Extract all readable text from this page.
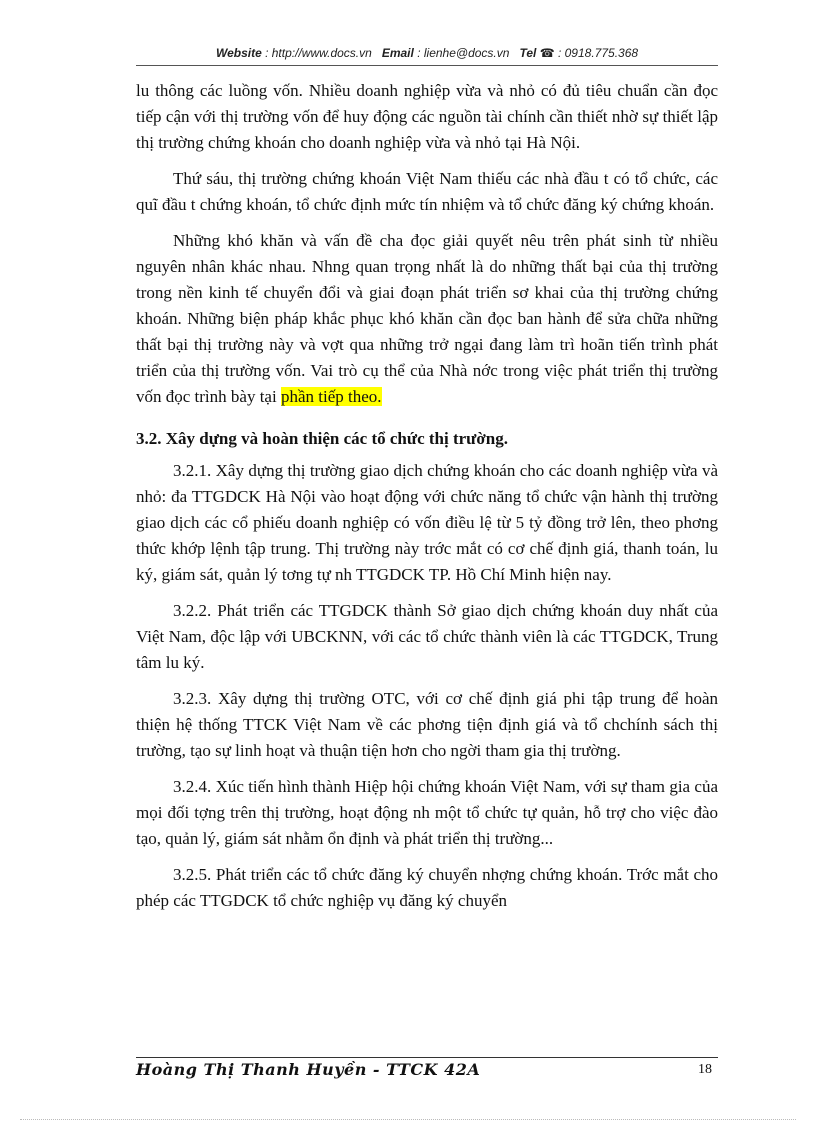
Website : http://www.docs.vn Email : lienhe@docs.vn Tel ☎ : 0918.775.368

lu thông các luồng vốn. Nhiều doanh nghiệp vừa và nhỏ có đủ tiêu chuẩn cần đọc tiếp cận với thị trường vốn để huy động các nguồn tài chính cần thiết nhờ sự thiết lập thị trường chứng khoán cho doanh nghiệp vừa và nhỏ tại Hà Nội.

Thứ sáu, thị trường chứng khoán Việt Nam thiếu các nhà đầu t có tổ chức, các quĩ đầu t chứng khoán, tổ chức định mức tín nhiệm và tổ chức đăng ký chứng khoán.

Những khó khăn và vấn đề cha đọc giải quyết nêu trên phát sinh từ nhiều nguyên nhân khác nhau. Nhng quan trọng nhất là do những thất bại của thị trường trong nền kinh tế chuyển đổi và giai đoạn phát triển sơ khai của thị trường chứng khoán. Những biện pháp khắc phục khó khăn cần đọc ban hành để sửa chữa những thất bại thị trường này và vợt qua những trở ngại đang làm trì hoãn tiến trình phát triển của thị trường vốn. Vai trò cụ thể của Nhà nớc trong việc phát triển thị trường vốn đọc trình bày tại phần tiếp theo.

3.2. Xây dựng và hoàn thiện các tổ chức thị trường.

3.2.1. Xây dựng thị trường giao dịch chứng khoán cho các doanh nghiệp vừa và nhỏ: đa TTGDCK Hà Nội vào hoạt động với chức năng tổ chức vận hành thị trường giao dịch các cổ phiếu doanh nghiệp có vốn điều lệ từ 5 tỷ đồng trở lên, theo phơng thức khớp lệnh tập trung. Thị trường này trớc mắt có cơ chế định giá, thanh toán, lu ký, giám sát, quản lý tơng tự nh TTGDCK TP. Hồ Chí Minh hiện nay.

3.2.2. Phát triển các TTGDCK thành Sở giao dịch chứng khoán duy nhất của Việt Nam, độc lập với UBCKNN, với các tổ chức thành viên là các TTGDCK, Trung tâm lu ký.

3.2.3. Xây dựng thị trường OTC, với cơ chế định giá phi tập trung để hoàn thiện hệ thống TTCK Việt Nam về các phơng tiện định giá và tổ chchính sách thị trường, tạo sự linh hoạt và thuận tiện hơn cho ngời tham gia thị trường.

3.2.4. Xúc tiến hình thành Hiệp hội chứng khoán Việt Nam, với sự tham gia của mọi đối tợng trên thị trường, hoạt động nh một tổ chức tự quản, hỗ trợ cho việc đào tạo, quản lý, giám sát nhằm ổn định và phát triển thị trường...

3.2.5. Phát triển các tổ chức đăng ký chuyển nhợng chứng khoán. Trớc mắt cho phép các TTGDCK tổ chức nghiệp vụ đăng ký chuyển

Hoàng Thị Thanh Huyền - TTCK 42A	18
